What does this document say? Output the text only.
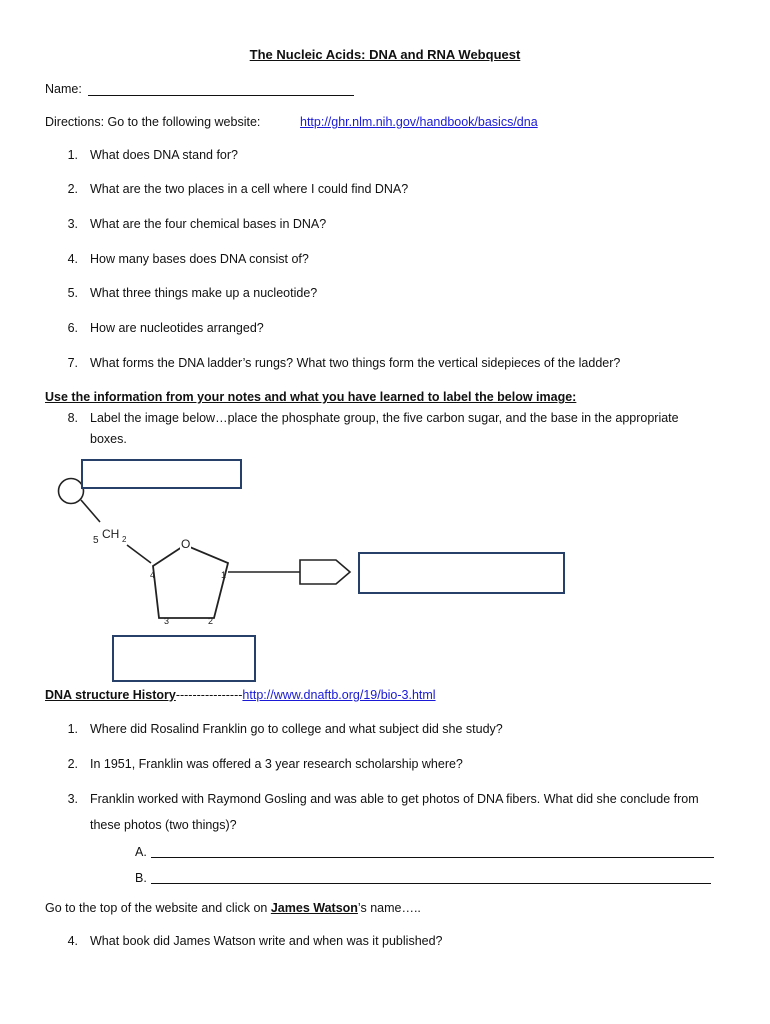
The Nucleic Acids: DNA and RNA Webquest
Name:
Directions: Go to the following website:	http://ghr.nlm.nih.gov/handbook/basics/dna
1. What does DNA stand for?
2. What are the two places in a cell where I could find DNA?
3. What are the four chemical bases in DNA?
4. How many bases does DNA consist of?
5. What three things make up a nucleotide?
6. How are nucleotides arranged?
7. What forms the DNA ladder’s rungs? What two things form the vertical sidepieces of the ladder?
Use the information from your notes and what you have learned to label the below image:
8. Label the image below…place the phosphate group, the five carbon sugar, and the base in the appropriate
boxes.
5 CH 2	O
1
2
3
4
DNA structure History----------------http://www.dnaftb.org/19/bio-3.html
1. Where did Rosalind Franklin go to college and what subject did she study?
2. In 1951, Franklin was offered a 3 year research scholarship where?
3. Franklin worked with Raymond Gosling and was able to get photos of DNA fibers. What did she conclude from
these photos (two things)?
A.
B.
Go to the top of the website and click on James Watson’s name…..
4. What book did James Watson write and when was it published?
